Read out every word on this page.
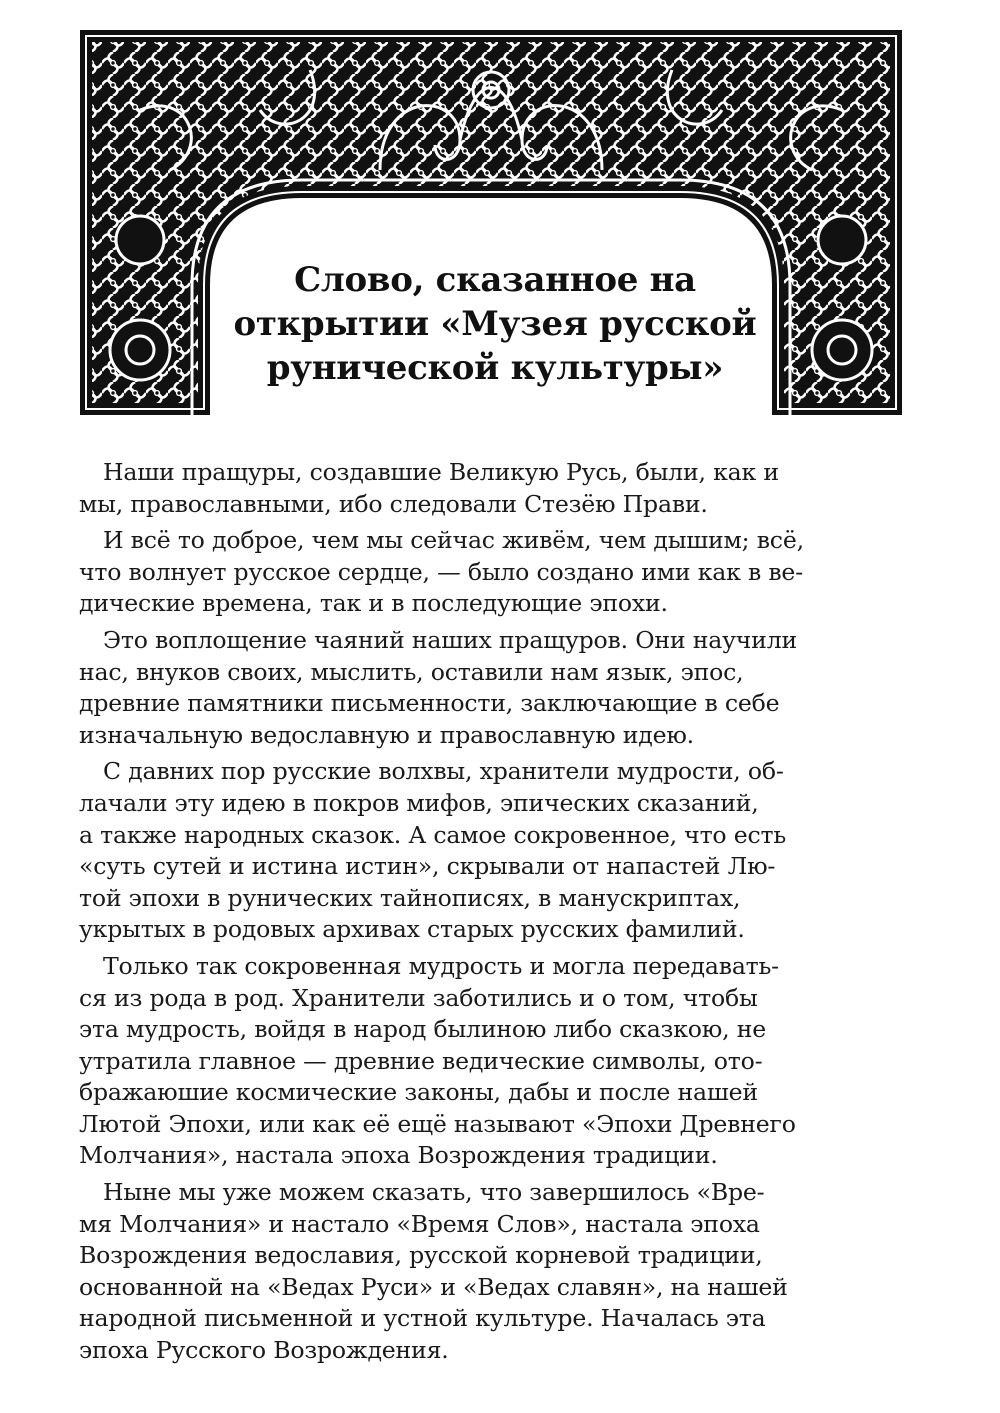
Слово, сказанное на
открытии «Музея русской
рунической культуры»

Наши пращуры, создавшие Великую Русь, были, как и
мы, православными, ибо следовали Стезёю Прави.

И всё то доброе, чем мы сейчас живём, чем дышим; всё,
что волнует русское сердце, — было создано ими как в ве-
дические времена, так и в последующие эпохи.

Это воплощение чаяний наших пращуров. Они научили
нас, внуков своих, мыслить, оставили нам язык, эпос,
древние памятники письменности, заключающие в себе
изначальную ведославную и православную идею.

С давних пор русские волхвы, хранители мудрости, об-
лачали эту идею в покров мифов, эпических сказаний,
а также народных сказок. А самое сокровенное, что есть
«суть сутей и истина истин», скрывали от напастей Лю-
той эпохи в рунических тайнописях, в манускриптах,
укрытых в родовых архивах старых русских фамилий.

Только так сокровенная мудрость и могла передавать-
ся из рода в род. Хранители заботились и о том, чтобы
эта мудрость, войдя в народ былиною либо сказкою, не
утратила главное — древние ведические символы, ото-
бражаюшие космические законы, дабы и после нашей
Лютой Эпохи, или как её ещё называют «Эпохи Древнего
Молчания», настала эпоха Возрождения традиции.

Ныне мы уже можем сказать, что завершилось «Вре-
мя Молчания» и настало «Время Слов», настала эпоха
Возрождения ведославия, русской корневой традиции,
основанной на «Ведах Руси» и «Ведах славян», на нашей
народной письменной и устной культуре. Началась эта
эпоха Русского Возрождения.
